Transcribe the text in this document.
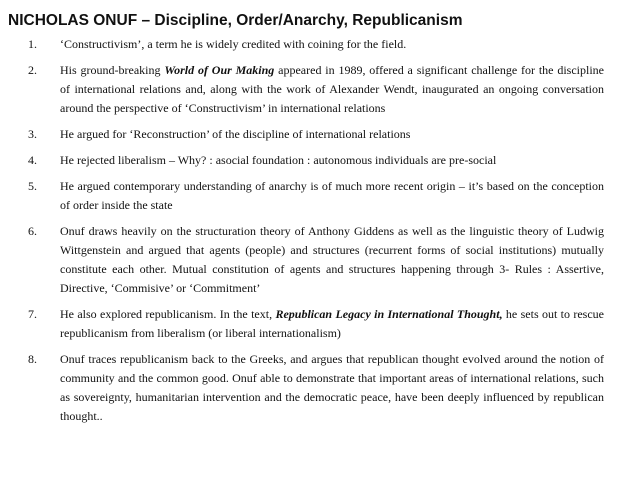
NICHOLAS ONUF – Discipline, Order/Anarchy, Republicanism
1.	‘Constructivism’, a term he is widely credited with coining for the field.
2.	His ground-breaking World of Our Making appeared in 1989, offered a significant challenge for the discipline of international relations and, along with the work of Alexander Wendt, inaugurated an ongoing conversation around the perspective of ‘Constructivism’ in international relations
3.	He argued for ‘Reconstruction’ of the discipline of international relations
4.	He rejected liberalism – Why? : asocial foundation : autonomous individuals are pre-social
5.	He argued contemporary understanding of anarchy is of much more recent origin – it’s based on the conception of order inside the state
6.	Onuf draws heavily on the structuration theory of Anthony Giddens as well as the linguistic theory of Ludwig Wittgenstein and argued that agents (people) and structures (recurrent forms of social institutions) mutually constitute each other. Mutual constitution of agents and structures happening through 3- Rules : Assertive, Directive, ‘Commisive’ or ‘Commitment’
7.	He also explored republicanism. In the text, Republican Legacy in International Thought, he sets out to rescue republicanism from liberalism (or liberal internationalism)
8.	Onuf traces republicanism back to the Greeks, and argues that republican thought evolved around the notion of community and the common good. Onuf able to demonstrate that important areas of international relations, such as sovereignty, humanitarian intervention and the democratic peace, have been deeply influenced by republican thought..
